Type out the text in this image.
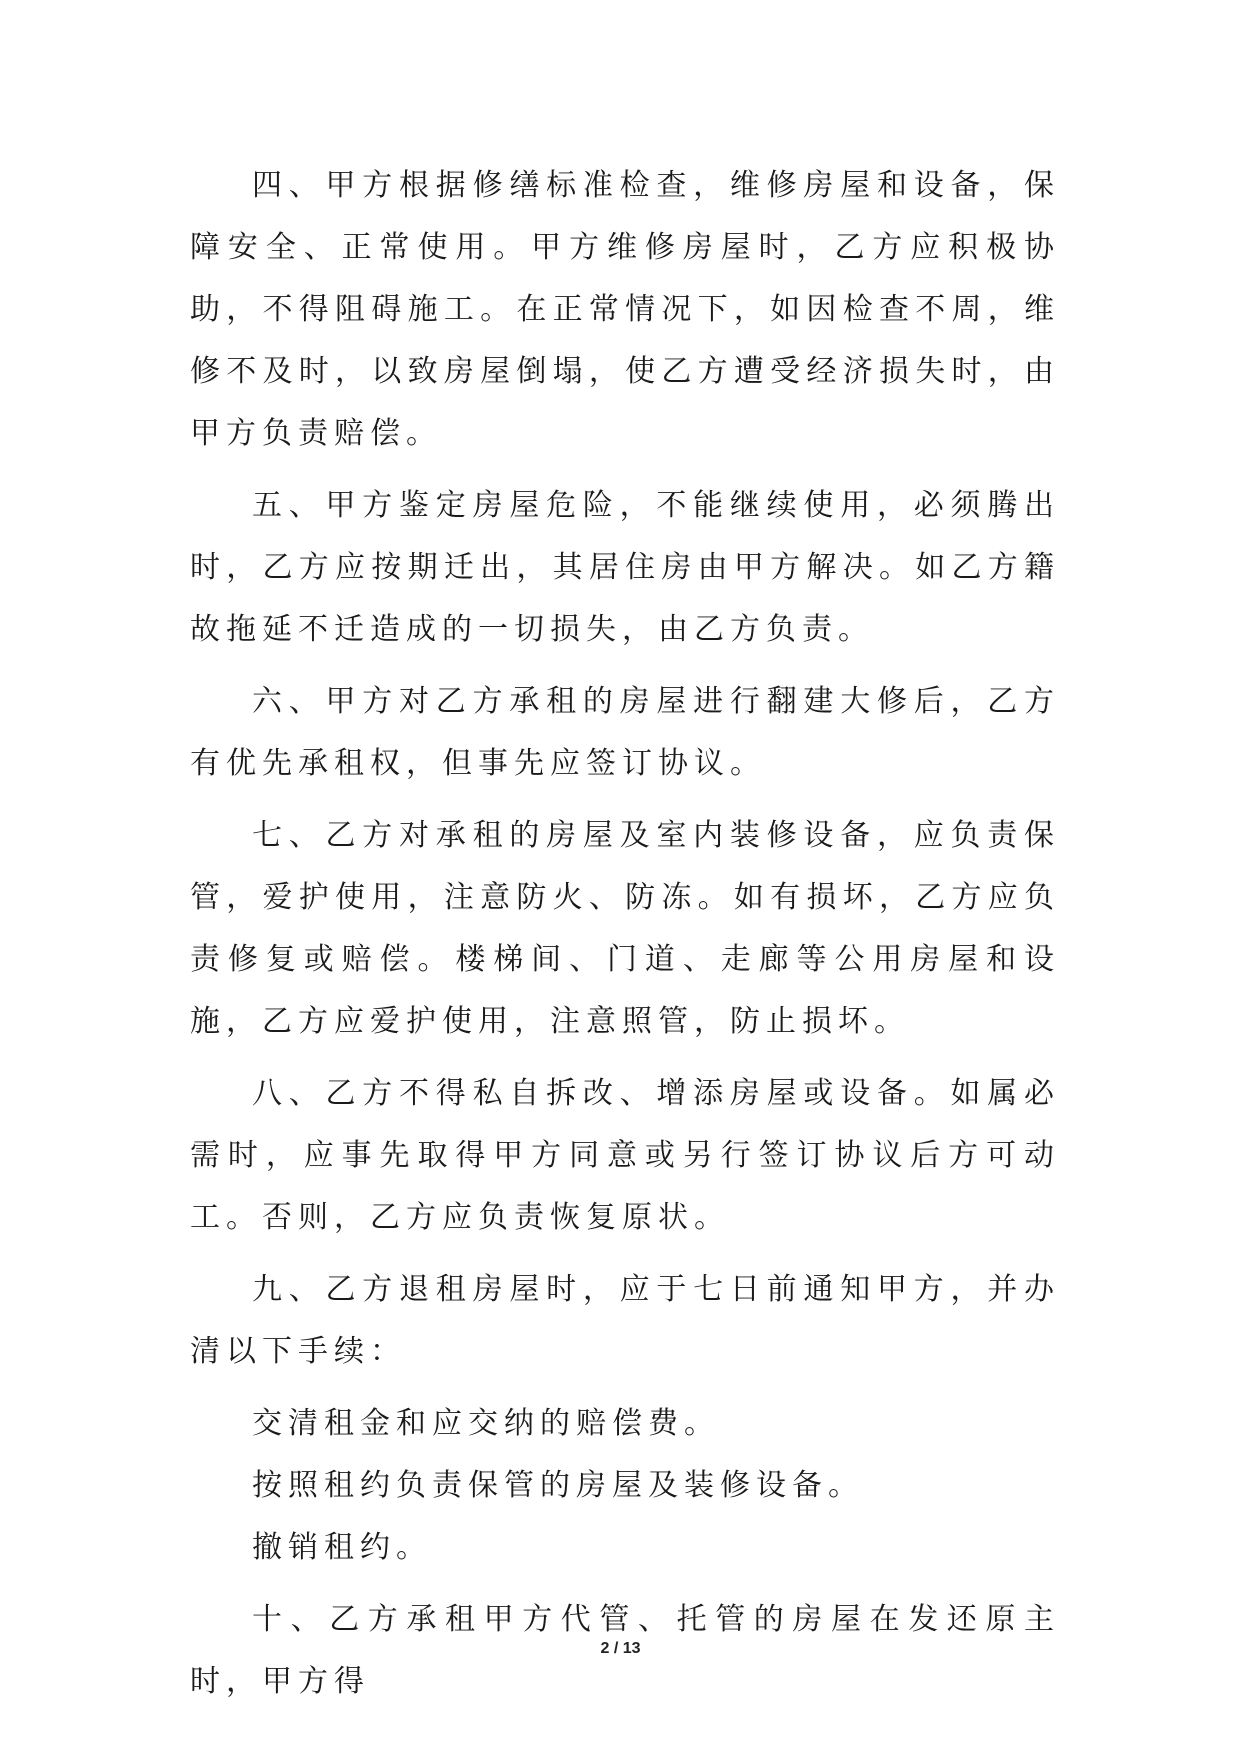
四、甲方根据修缮标准检查，维修房屋和设备，保障安全、正常使用。甲方维修房屋时，乙方应积极协助，不得阻碍施工。在正常情况下，如因检查不周，维修不及时，以致房屋倒塌，使乙方遭受经济损失时，由甲方负责赔偿。

五、甲方鉴定房屋危险，不能继续使用，必须腾出时，乙方应按期迁出，其居住房由甲方解决。如乙方籍故拖延不迁造成的一切损失，由乙方负责。

六、甲方对乙方承租的房屋进行翻建大修后，乙方有优先承租权，但事先应签订协议。

七、乙方对承租的房屋及室内装修设备，应负责保管，爱护使用，注意防火、防冻。如有损坏，乙方应负责修复或赔偿。楼梯间、门道、走廊等公用房屋和设施，乙方应爱护使用，注意照管，防止损坏。

八、乙方不得私自拆改、增添房屋或设备。如属必需时，应事先取得甲方同意或另行签订协议后方可动工。否则，乙方应负责恢复原状。

九、乙方退租房屋时，应于七日前通知甲方，并办清以下手续：

交清租金和应交纳的赔偿费。

按照租约负责保管的房屋及装修设备。

撤销租约。

十、乙方承租甲方代管、托管的房屋在发还原主时，甲方得

2 / 13
